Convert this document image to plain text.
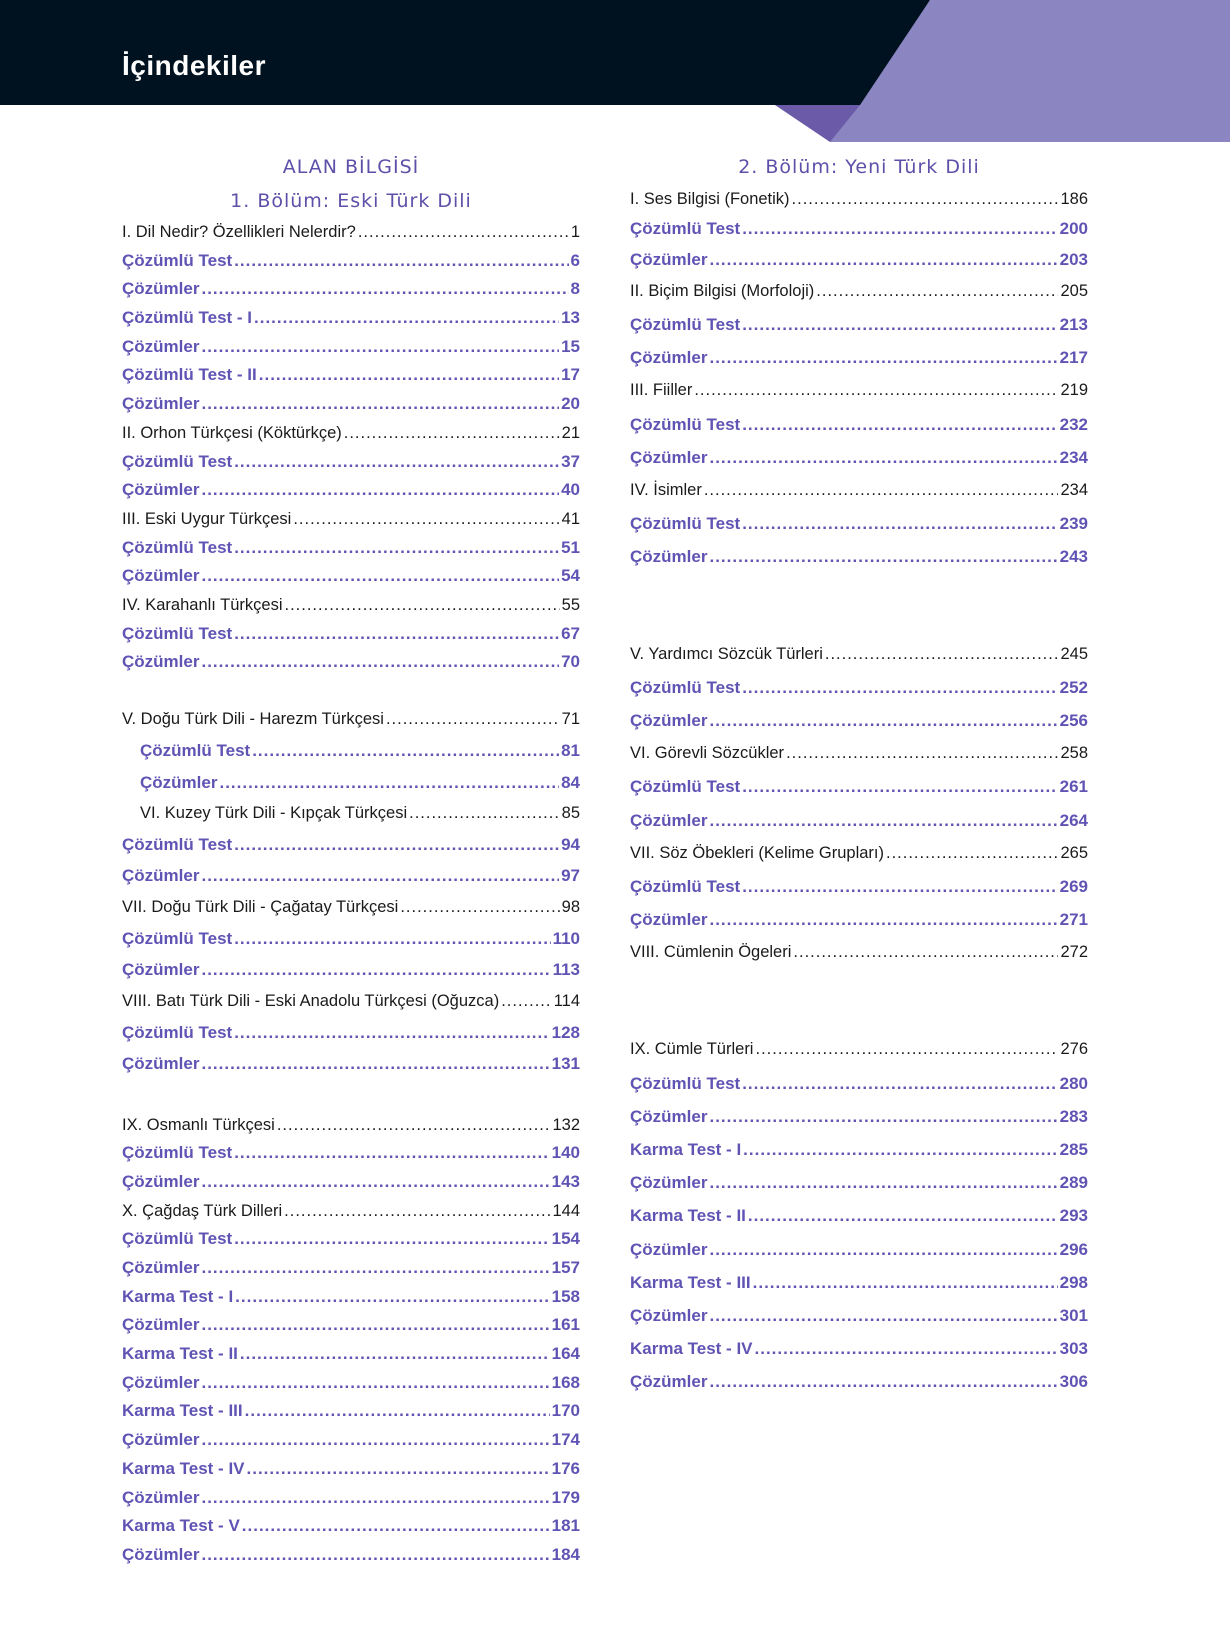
İçindekiler
ALAN BİLGİSİ
1. Bölüm: Eski Türk Dili
I. Dil Nedir? Özellikleri Nelerdir? .....	1
Çözümlü Test .....	6
Çözümler .....	8
Çözümlü Test - I .....	13
Çözümler .....	15
Çözümlü Test - II .....	17
Çözümler .....	20
II. Orhon Türkçesi (Köktürkçe) .....	21
Çözümlü Test .....	37
Çözümler .....	40
III. Eski Uygur Türkçesi .....	41
Çözümlü Test .....	51
Çözümler .....	54
IV. Karahanlı Türkçesi .....	55
Çözümlü Test .....	67
Çözümler .....	70
V. Doğu Türk Dili - Harezm Türkçesi .....	71
Çözümlü Test .....	81
Çözümler .....	84
VI. Kuzey Türk Dili - Kıpçak Türkçesi .....	85
Çözümlü Test .....	94
Çözümler .....	97
VII. Doğu Türk Dili - Çağatay Türkçesi .....	98
Çözümlü Test .....	110
Çözümler .....	113
VIII. Batı Türk Dili - Eski Anadolu Türkçesi (Oğuzca) .....	114
Çözümlü Test .....	128
Çözümler .....	131
IX. Osmanlı Türkçesi .....	132
Çözümlü Test .....	140
Çözümler .....	143
X. Çağdaş Türk Dilleri .....	144
Çözümlü Test .....	154
Çözümler .....	157
Karma Test - I .....	158
Çözümler .....	161
Karma Test - II .....	164
Çözümler .....	168
Karma Test - III .....	170
Çözümler .....	174
Karma Test - IV .....	176
Çözümler .....	179
Karma Test - V .....	181
Çözümler .....	184
2. Bölüm: Yeni Türk Dili
I. Ses Bilgisi (Fonetik) .....	186
Çözümlü Test .....	200
Çözümler .....	203
II. Biçim Bilgisi (Morfoloji) .....	205
Çözümlü Test .....	213
Çözümler .....	217
III. Fiiller .....	219
Çözümlü Test .....	232
Çözümler .....	234
IV. İsimler .....	234
Çözümlü Test .....	239
Çözümler .....	243
V. Yardımcı Sözcük Türleri .....	245
Çözümlü Test .....	252
Çözümler .....	256
VI. Görevli Sözcükler .....	258
Çözümlü Test .....	261
Çözümler .....	264
VII. Söz Öbekleri (Kelime Grupları) .....	265
Çözümlü Test .....	269
Çözümler .....	271
VIII. Cümlenin Ögeleri .....	272
IX. Cümle Türleri .....	276
Çözümlü Test .....	280
Çözümler .....	283
Karma Test - I .....	285
Çözümler .....	289
Karma Test - II .....	293
Çözümler .....	296
Karma Test - III .....	298
Çözümler .....	301
Karma Test - IV .....	303
Çözümler .....	306
